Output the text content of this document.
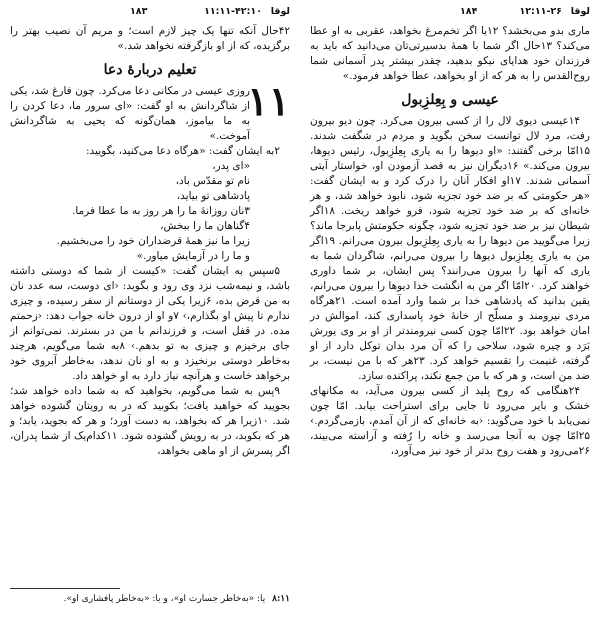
لوقا
۱۱:۱۱-۴۲:۱۰
۱۸۳	لوقا
۱۲:۱۱-۲۶
۱۸۴

۴۲حال آنکه تنها یک چیز لازم است؛ و مریم آن نصیب بهتر را برگزیده، که از او بازگرفته نخواهد شد.»

تعلیم دربارهٔ دعا

۱۱

روزی عیسی در مکانی دعا می‌کرد. چون فارغ شد، یکی از شاگردانش به او گفت: «ای سرور ما، دعا کردن را به ما بیاموز، همان‌گونه که یحیی به شاگردانش آموخت.»

۲به ایشان گفت: «هرگاه دعا می‌کنید، بگویید:

«ای پدر،

نام تو مقدّس باد،

پادشاهی تو بیاید،

۳نان روزانهٔ ما را هر روز به ما عطا فرما.

۴گناهان ما را ببخش،

زیرا ما نیز همهٔ قرضداران خود را می‌بخشیم.

و ما را در آزمایش میاور.»

۵سپس به ایشان گفت: «کیست از شما که دوستی داشته باشد، و نیمه‌شب نزد وی رود و بگوید: ‹ای دوست، سه عدد نان به من قرض بده، ۶زیرا یکی از دوستانم از سفر رسیده، و چیزی ندارم تا پیش او بگذارم،› ۷و او از درون خانه جواب دهد: ‹زحمتم مده. در قفل است، و فرزندانم با من در بسترند. نمی‌توانم از جای برخیزم و چیزی به تو بدهم.› ۸به شما می‌گویم، هرچند به‌خاطر دوستی برنخیزد و به او نان ندهد، به‌خاطر آبروی خود برخواهد خاست و هرآنچه نیاز دارد به او خواهد داد.

۹پس به شما می‌گویم، بخواهید که به شما داده خواهد شد؛ بجویید که خواهید یافت؛ بکوبید که در به رویتان گشوده خواهد شد. ۱۰زیرا هر که بخواهد، به دست آورد؛ و هر که بجوید، یابد؛ و هر که بکوبد، در به رویش گشوده شود. ۱۱کدام‌یک از شما پدران، اگر پسرش از او ماهی بخواهد،

۸:۱۱ یا: «به‌خاطر جسارت او»، و یا: «به‌خاطر پافشاری او».

ماری بدو می‌بخشد؟ ۱۲یا اگر تخم‌مرغ بخواهد، عقربی به او عطا می‌کند؟ ۱۳حال اگر شما با همهٔ بدسیرتی‌تان می‌دانید که باید به فرزندان خود هدایای نیکو بدهید، چقدر بیشتر پدر آسمانی شما روح‌القدس را به هر که از او بخواهد، عطا خواهد فرمود.»

عیسی و بِعِلزِبول

۱۴عیسی دیوی لال را از کسی بیرون می‌کرد. چون دیو بیرون رفت، مرد لال توانست سخن بگوید و مردم در شگفت شدند. ۱۵امّا برخی گفتند: «او دیوها را به یاری بِعِلزِبول، رئیس دیوها، بیرون می‌کند.» ۱۶دیگران نیز به قصد آزمودن او، خواستار آیتی آسمانی شدند. ۱۷او افکار آنان را درک کرد و به ایشان گفت: «هر حکومتی که بر ضد خود تجزیه شود، نابود خواهد شد، و هر خانه‌ای که بر ضد خود تجزیه شود، فرو خواهد ریخت. ۱۸اگر شیطان نیز بر ضد خود تجزیه شود، چگونه حکومتش پابرجا ماند؟ زیرا می‌گویید من دیوها را به یاری بِعِلزِبول بیرون می‌رانم. ۱۹اگر من به یاری بِعِلزِبول دیوها را بیرون می‌رانم، شاگردان شما به یاری که آنها را بیرون می‌رانند؟ پس ایشان، بر شما داوری خواهند کرد. ۲۰امّا اگر من به انگشت خدا دیوها را بیرون می‌رانم، یقین بدانید که پادشاهی خدا بر شما وارد آمده است. ۲۱هرگاه مردی نیرومند و مسلّح از خانهٔ خود پاسداری کند، اموالش در امان خواهد بود. ۲۲امّا چون کسی نیرومندتر از او بر وی یورش بَرَد و چیره شود، سلاحی را که آن مرد بدان توکل دارد از او گرفته، غنیمت را تقسیم خواهد کرد. ۲۳هر که با من نیست، بر ضد من است، و هر که با من جمع نکند، پراکنده سازد.

۲۴هنگامی که روح پلید از کسی بیرون می‌آید، به مکانهای خشک و بایر می‌رود تا جایی برای استراحت بیابد. امّا چون نمی‌یابد با خود می‌گوید: ‹به خانه‌ای که از آن آمدم، بازمی‌گردم.› ۲۵امّا چون به آنجا می‌رسد و خانه را رُفته و آراسته می‌بیند، ۲۶می‌رود و هفت روح بدتر از خود نیز می‌آورد،
